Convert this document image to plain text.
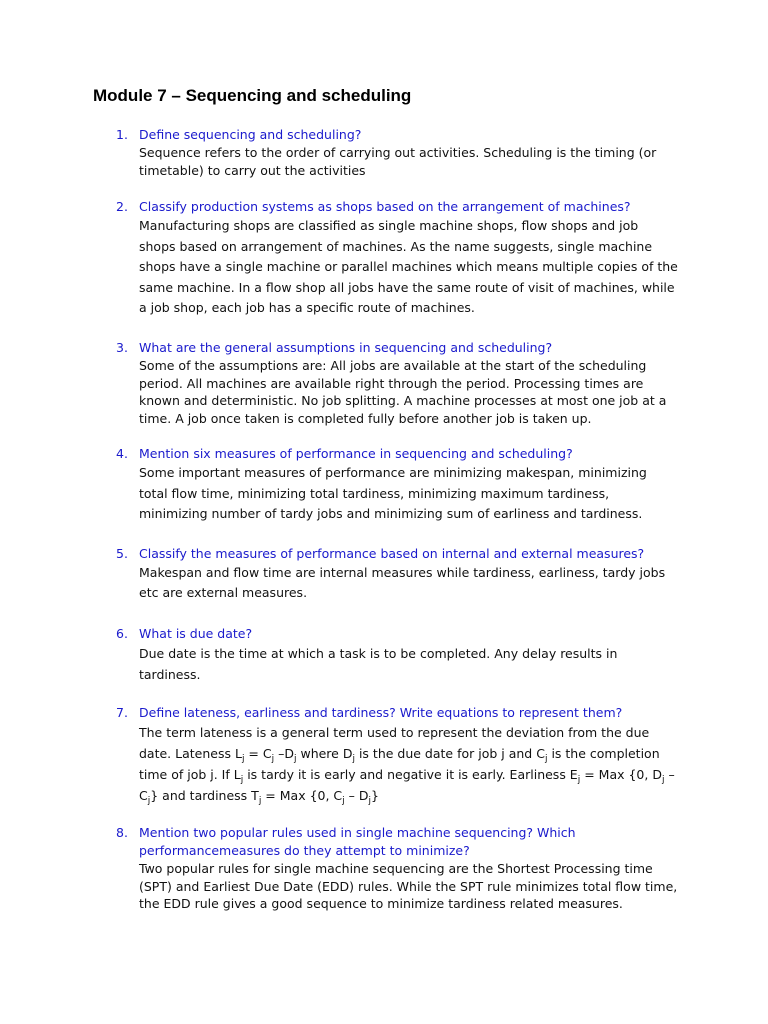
Module 7 – Sequencing and scheduling
1. Define sequencing and scheduling?
Sequence refers to the order of carrying out activities. Scheduling is the timing (or
timetable) to carry out the activities
2. Classify production systems as shops based on the arrangement of machines?
Manufacturing shops are classified as single machine shops, flow shops and job
shops based on arrangement of machines. As the name suggests, single machine
shops have a single machine or parallel machines which means multiple copies of the
same machine. In a flow shop all jobs have the same route of visit of machines, while
a job shop, each job has a specific route of machines.
3. What are the general assumptions in sequencing and scheduling?
Some of the assumptions are: All jobs are available at the start of the scheduling
period. All machines are available right through the period. Processing times are
known and deterministic. No job splitting. A machine processes at most one job at a
time. A job once taken is completed fully before another job is taken up.
4. Mention six measures of performance in sequencing and scheduling?
Some important measures of performance are minimizing makespan, minimizing
total flow time, minimizing total tardiness, minimizing maximum tardiness,
minimizing number of tardy jobs and minimizing sum of earliness and tardiness.
5. Classify the measures of performance based on internal and external measures?
Makespan and flow time are internal measures while tardiness, earliness, tardy jobs
etc are external measures.
6. What is due date?
Due date is the time at which a task is to be completed. Any delay results in
tardiness.
7. Define lateness, earliness and tardiness? Write equations to represent them?
The term lateness is a general term used to represent the deviation from the due
date. Lateness $L_j = C_j$ $-D_j$ where $D_j$ is the due date for job j and $C_j$ is the completion
time of job j. If $L_j$ is tardy it is early and negative it is early. Earliness $E_j$ = Max {0, $D_j$ –
$C_j$} and tardiness $T_j$ = Max {0, $C_j - D_j$}
8. Mention two popular rules used in single machine sequencing? Which performancemeasures do they attempt to minimize?
Two popular rules for single machine sequencing are the Shortest Processing time
(SPT) and Earliest Due Date (EDD) rules. While the SPT rule minimizes total flow time,
the EDD rule gives a good sequence to minimize tardiness related measures.
